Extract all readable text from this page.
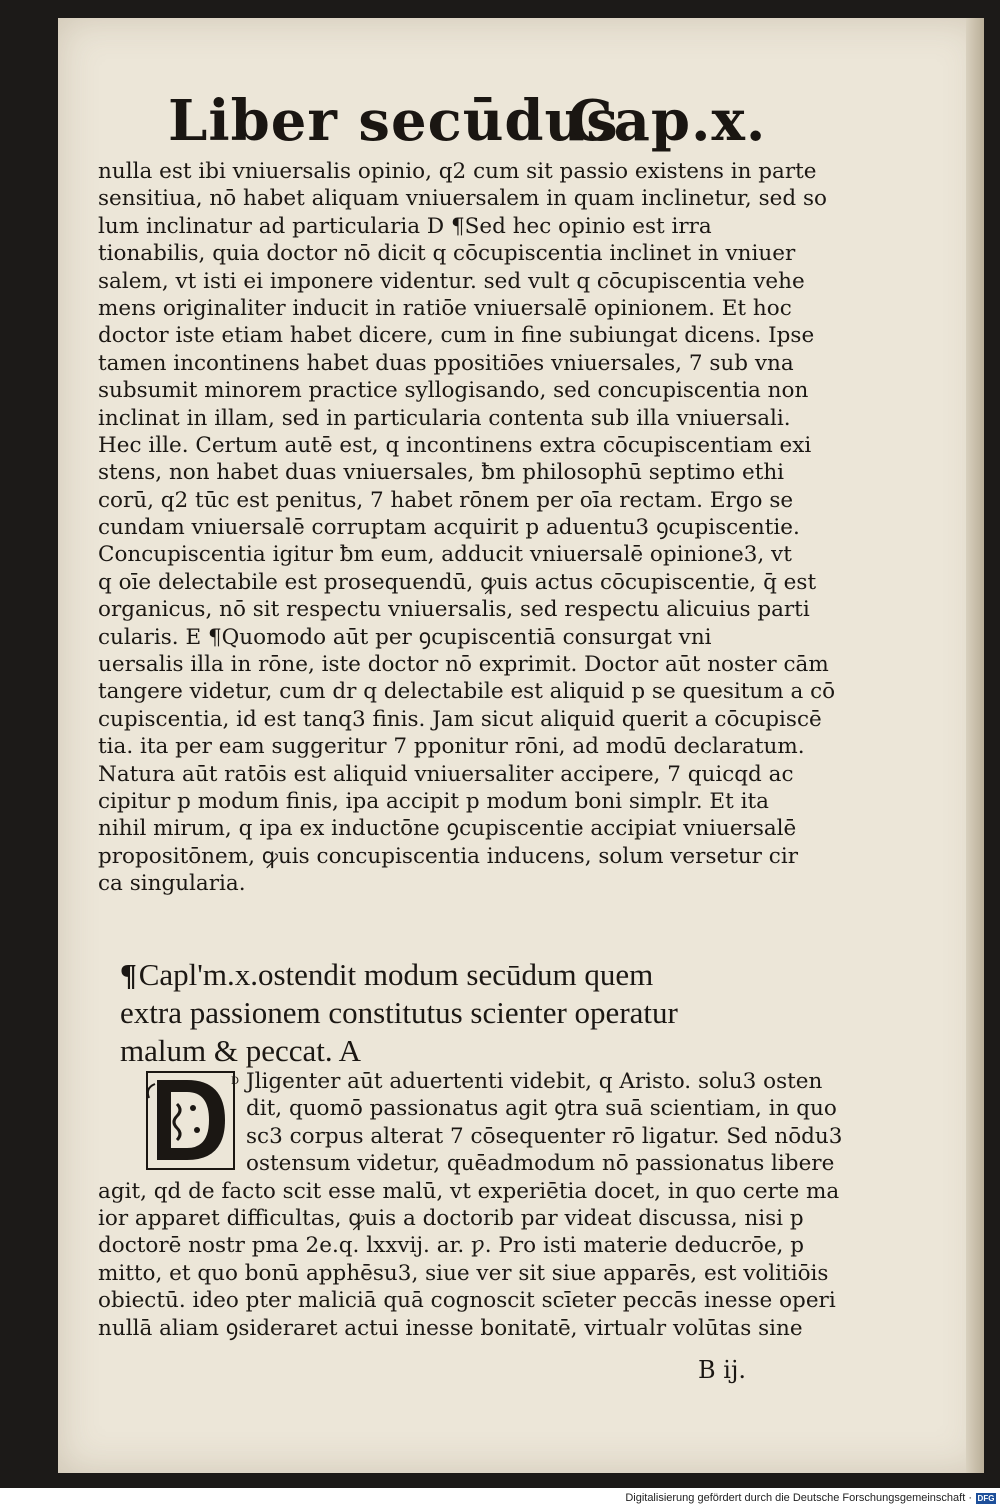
Liber secūdus
Cap.x.
nulla est ibi vniuersalis opinio, q2 cum sit passio existens in parte
sensitiua, nō habet aliquam vniuersalem in quam inclinetur, sed so
lum inclinatur ad particularia D ¶Sed hec opinio est irra
tionabilis, quia doctor nō dicit q cōcupiscentia inclinet in vniuer
salem, vt isti ei imponere videntur. sed vult q cōcupiscentia vehe
mens originaliter inducit in ratiōe vniuersalē opinionem. Et hoc
doctor iste etiam habet dicere, cum in fine subiungat dicens. Ipse
tamen incontinens habet duas ppositiōes vniuersales, 7 sub vna
subsumit minorem practice syllogisando, sed concupiscentia non
inclinat in illam, sed in particularia contenta sub illa vniuersali.
Hec ille. Certum autē est, q incontinens extra cōcupiscentiam exi
stens, non habet duas vniuersales, ƀm philosophū septimo ethi
corū, q2 tūc est penitus, 7 habet rōnem per oīa rectam. Ergo se
cundam vniuersalē corruptam acquirit p aduentu3 ꝯcupiscentie.
Concupiscentia igitur ƀm eum, adducit vniuersalē opinione3, vt
q oīe delectabile est prosequendū, ꝙuis actus cōcupiscentie, q̄ est
organicus, nō sit respectu vniuersalis, sed respectu alicuius parti
cularis. E ¶Quomodo aūt per ꝯcupiscentiā consurgat vni
uersalis illa in rōne, iste doctor nō exprimit. Doctor aūt noster cām
tangere videtur, cum dr q delectabile est aliquid p se quesitum a cō
cupiscentia, id est tanq3 finis. Jam sicut aliquid querit a cōcupiscē
tia. ita per eam suggeritur 7 pponitur rōni, ad modū declaratum.
Natura aūt ratōis est aliquid vniuersaliter accipere, 7 quicqd ac
cipitur p modum finis, ipa accipit p modum boni simplr. Et ita
nihil mirum, q ipa ex inductōne ꝯcupiscentie accipiat vniuersalē
propositōnem, ꝙuis concupiscentia inducens, solum versetur cir
ca singularia.
¶Capl'm.x.ostendit modum secūdum quem
extra passionem constitutus scienter operatur
malum & peccat. A
D Jligenter aūt aduertenti videbit, q Aristo. solu3 osten
dit, quomō passionatus agit ꝯtra suā scientiam, in quo
sc3 corpus alterat 7 cōsequenter rō ligatur. Sed nōdu3
ostensum videtur, quēadmodum nō passionatus libere
agit, qd de facto scit esse malū, vt experiētia docet, in quo certe ma
ior apparet difficultas, ꝙuis a doctorib par videat discussa, nisi p
doctorē nostr pma 2e.q. lxxvij. ar. ƿ. Pro isti materie deducrōe, p
mitto, et quo bonū apphēsu3, siue ver sit siue apparēs, est volitiōis
obiectū. ideo pter maliciā quā cognoscit scīeter peccās inesse operi
nullā aliam ꝯsideraret actui inesse bonitatē, virtualr volūtas sine
B ij.
Digitalisierung gefördert durch die Deutsche Forschungsgemeinschaft · DFG
